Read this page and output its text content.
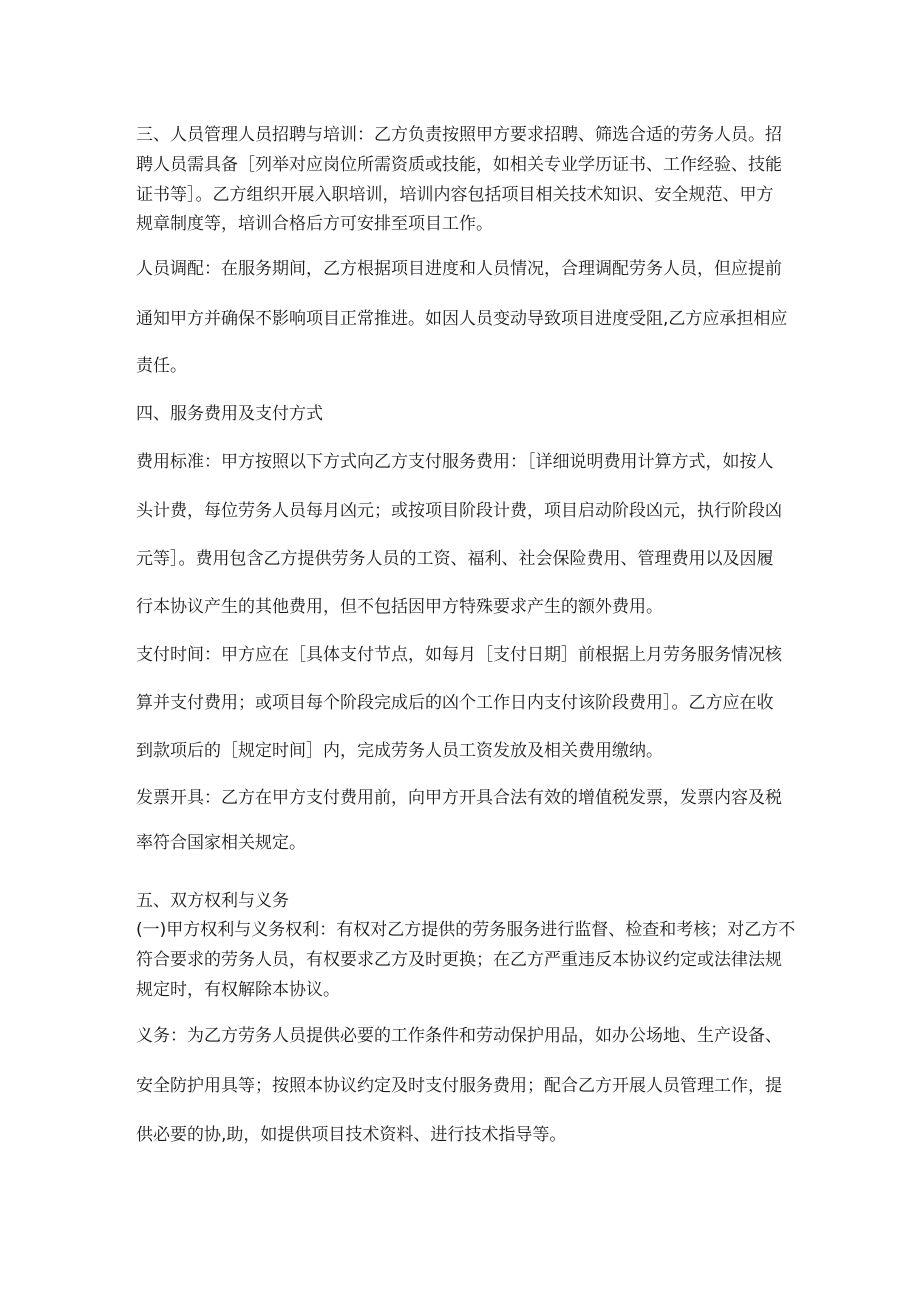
三、人员管理人员招聘与培训：乙方负责按照甲方要求招聘、筛选合适的劳务人员。招
聘人员需具备［列举对应岗位所需资质或技能，如相关专业学历证书、工作经验、技能
证书等］。乙方组织开展入职培训，培训内容包括项目相关技术知识、安全规范、甲方
规章制度等，培训合格后方可安排至项目工作。
人员调配：在服务期间，乙方根据项目进度和人员情况，合理调配劳务人员，但应提前
通知甲方并确保不影响项目正常推进。如因人员变动导致项目进度受阻,乙方应承担相应
责任。
四、服务费用及支付方式
费用标准：甲方按照以下方式向乙方支付服务费用：［详细说明费用计算方式，如按人
头计费，每位劳务人员每月凶元；或按项目阶段计费，项目启动阶段凶元，执行阶段凶
元等］。费用包含乙方提供劳务人员的工资、福利、社会保险费用、管理费用以及因履
行本协议产生的其他费用，但不包括因甲方特殊要求产生的额外费用。
支付时间：甲方应在［具体支付节点，如每月［支付日期］前根据上月劳务服务情况核
算并支付费用；或项目每个阶段完成后的凶个工作日内支付该阶段费用］。乙方应在收
到款项后的［规定时间］内，完成劳务人员工资发放及相关费用缴纳。
发票开具：乙方在甲方支付费用前，向甲方开具合法有效的增值税发票，发票内容及税
率符合国家相关规定。
五、双方权利与义务
(一)甲方权利与义务权利：有权对乙方提供的劳务服务进行监督、检查和考核；对乙方不
符合要求的劳务人员，有权要求乙方及时更换；在乙方严重违反本协议约定或法律法规
规定时，有权解除本协议。
义务：为乙方劳务人员提供必要的工作条件和劳动保护用品，如办公场地、生产设备、
安全防护用具等；按照本协议约定及时支付服务费用；配合乙方开展人员管理工作，提
供必要的协,助，如提供项目技术资料、进行技术指导等。
